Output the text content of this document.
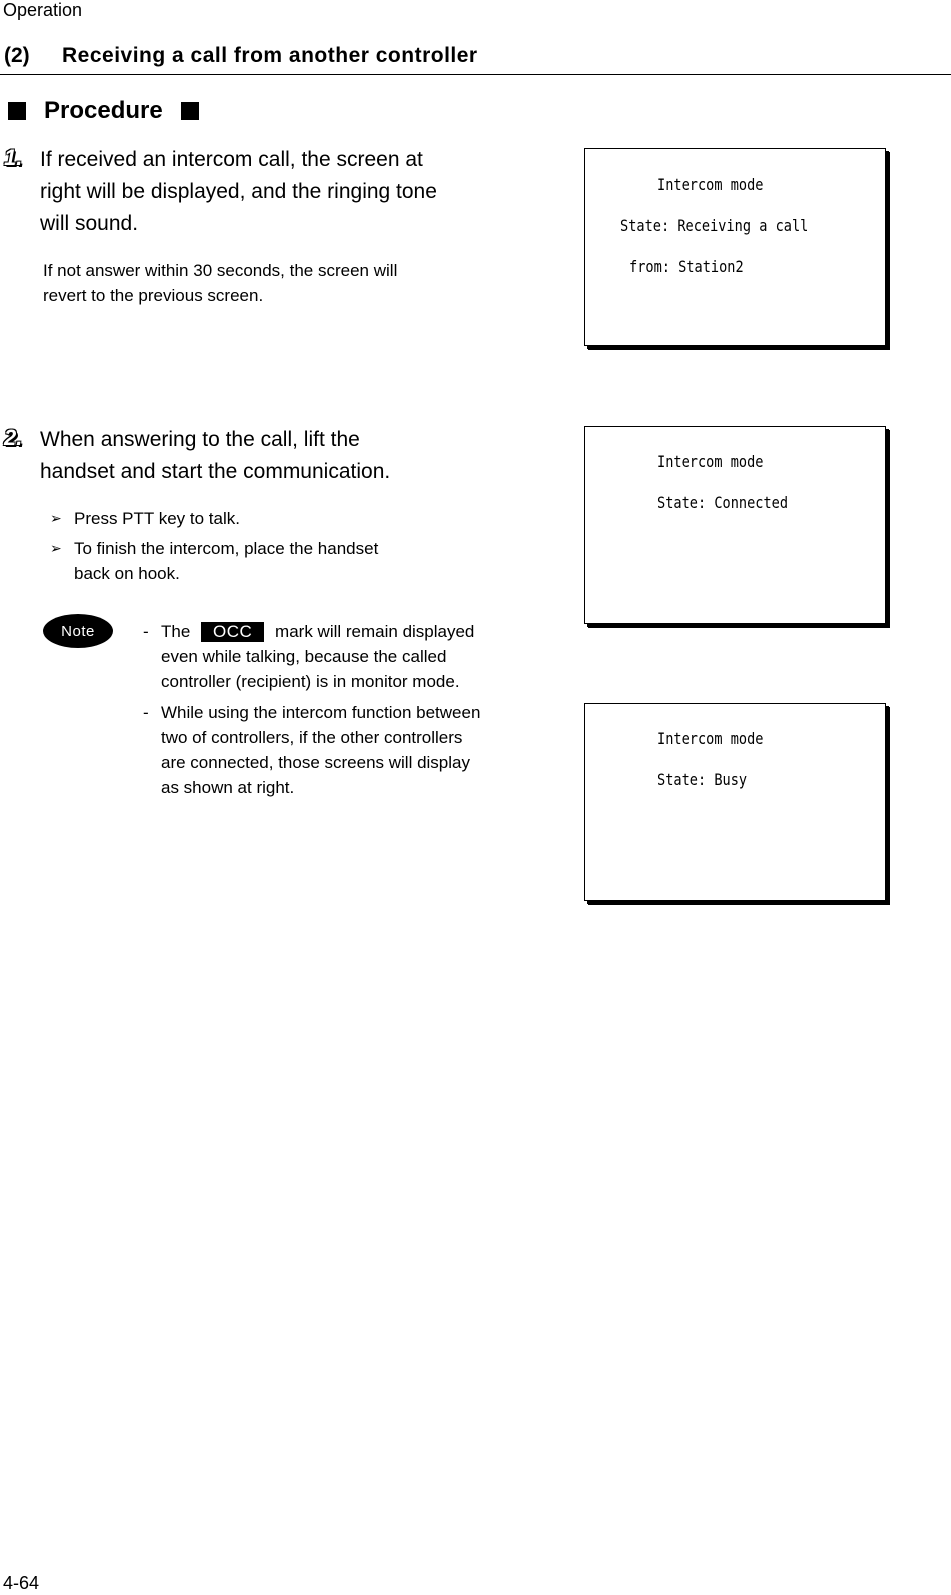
Operation
(2) Receiving a call from another controller
Procedure
1. If received an intercom call, the screen at
right will be displayed, and the ringing tone
will sound.
If not answer within 30 seconds, the screen will
revert to the previous screen.
Intercom mode
State: Receiving a call
from: Station2
2. When answering to the call, lift the
handset and start the communication.
➢ Press PTT key to talk.
➢ To finish the intercom, place the handset
back on hook.
Note	- The OCC mark will remain displayed
even while talking, because the called
controller (recipient) is in monitor mode.
- While using the intercom function between
two of controllers, if the other controllers
are connected, those screens will display
as shown at right.
Intercom mode
State: Connected
Intercom mode
State: Busy
4-64
